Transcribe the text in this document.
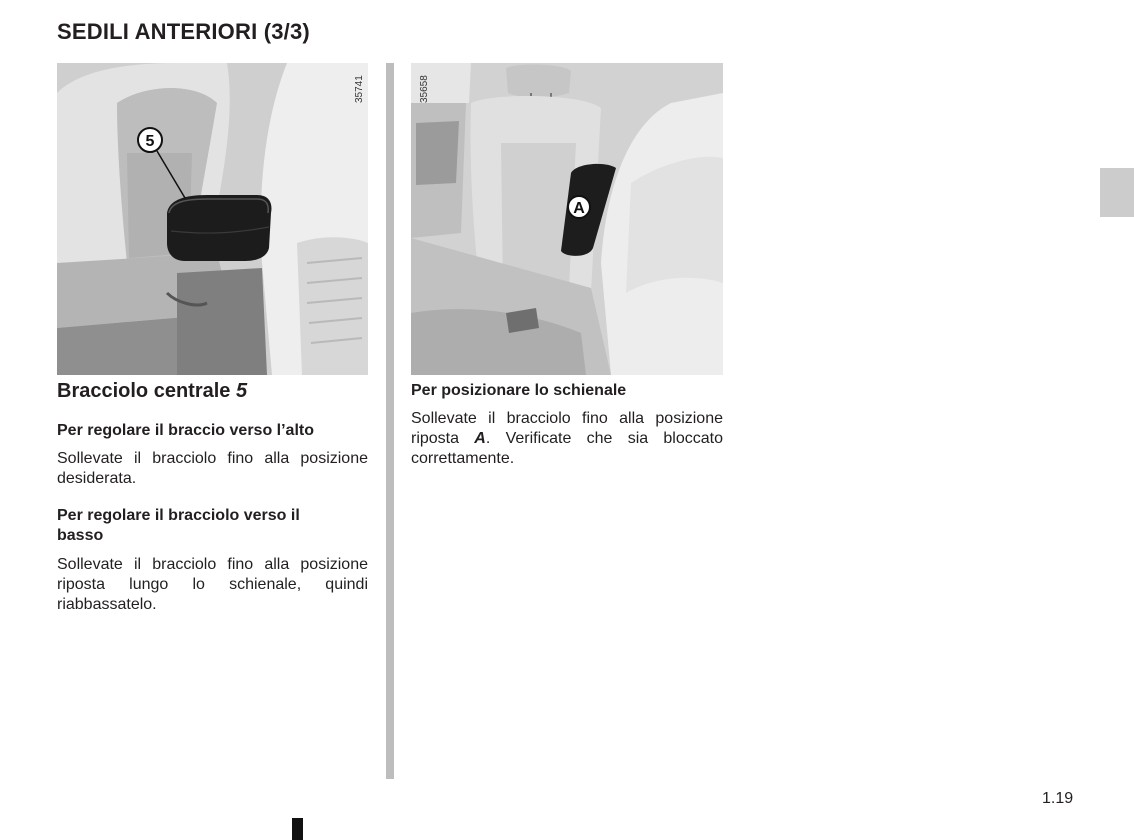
SEDILI ANTERIORI (3/3)
5
35741
A
35658
Bracciolo centrale 5

Per regolare il braccio verso l’alto

Sollevate il bracciolo fino alla posizione desiderata.

Per regolare il bracciolo verso il basso

Sollevate il bracciolo fino alla posizione riposta lungo lo schienale, quindi riabbassatelo.

Per posizionare lo schienale

Sollevate il bracciolo fino alla posizione riposta A. Verificate che sia bloccato correttamente.

1.19
